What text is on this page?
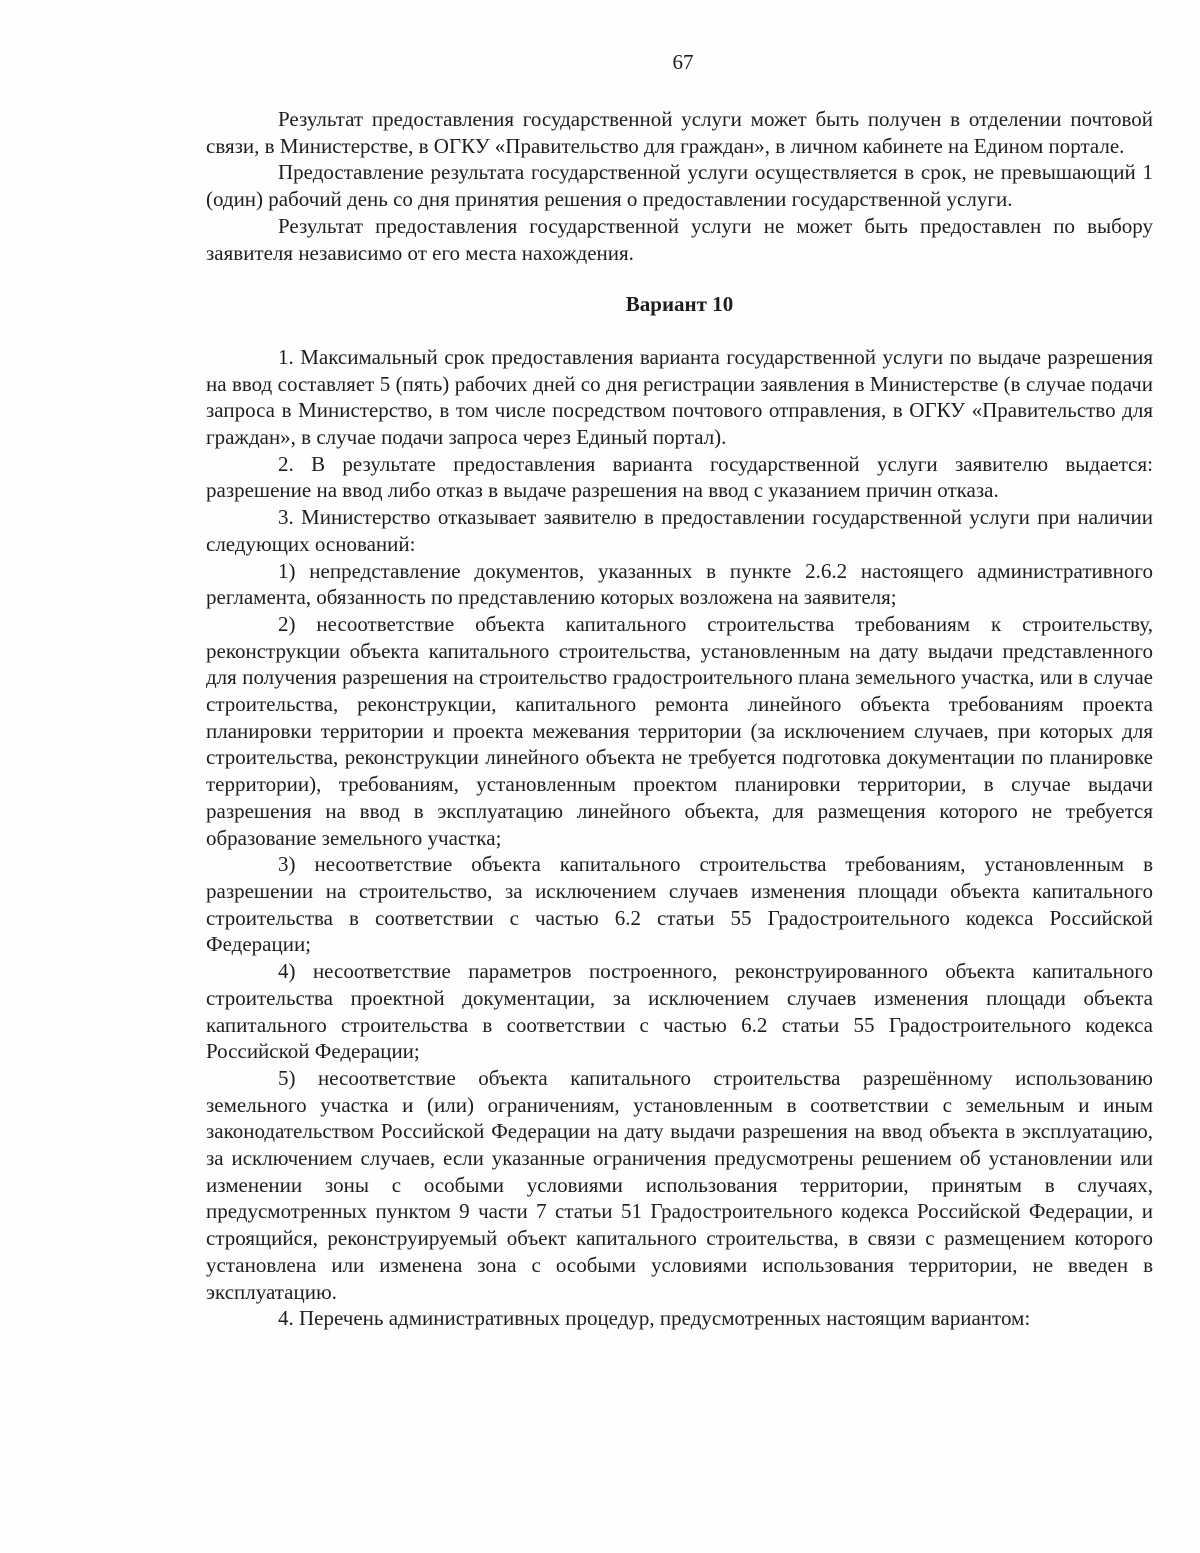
67

Результат предоставления государственной услуги может быть получен в отделении почтовой связи, в Министерстве, в ОГКУ «Правительство для граждан», в личном кабинете на Едином портале.

Предоставление результата государственной услуги осуществляется в срок, не превышающий 1 (один) рабочий день со дня принятия решения о предоставлении государственной услуги.

Результат предоставления государственной услуги не может быть предоставлен по выбору заявителя независимо от его места нахождения.

Вариант 10

1. Максимальный срок предоставления варианта государственной услуги по выдаче разрешения на ввод составляет 5 (пять) рабочих дней со дня регистрации заявления в Министерстве (в случае подачи запроса в Министерство, в том числе посредством почтового отправления, в ОГКУ «Правительство для граждан», в случае подачи запроса через Единый портал).

2. В результате предоставления варианта государственной услуги заявителю выдается: разрешение на ввод либо отказ в выдаче разрешения на ввод с указанием причин отказа.

3. Министерство отказывает заявителю в предоставлении государственной услуги при наличии следующих оснований:

1) непредставление документов, указанных в пункте 2.6.2 настоящего административного регламента, обязанность по представлению которых возложена на заявителя;

2) несоответствие объекта капитального строительства требованиям к строительству, реконструкции объекта капитального строительства, установленным на дату выдачи представленного для получения разрешения на строительство градостроительного плана земельного участка, или в случае строительства, реконструкции, капитального ремонта линейного объекта требованиям проекта планировки территории и проекта межевания территории (за исключением случаев, при которых для строительства, реконструкции линейного объекта не требуется подготовка документации по планировке территории), требованиям, установленным проектом планировки территории, в случае выдачи разрешения на ввод в эксплуатацию линейного объекта, для размещения которого не требуется образование земельного участка;

3) несоответствие объекта капитального строительства требованиям, установленным в разрешении на строительство, за исключением случаев изменения площади объекта капитального строительства в соответствии с частью 6.2 статьи 55 Градостроительного кодекса Российской Федерации;

4) несоответствие параметров построенного, реконструированного объекта капитального строительства проектной документации, за исключением случаев изменения площади объекта капитального строительства в соответствии с частью 6.2 статьи 55 Градостроительного кодекса Российской Федерации;

5) несоответствие объекта капитального строительства разрешённому использованию земельного участка и (или) ограничениям, установленным в соответствии с земельным и иным законодательством Российской Федерации на дату выдачи разрешения на ввод объекта в эксплуатацию, за исключением случаев, если указанные ограничения предусмотрены решением об установлении или изменении зоны с особыми условиями использования территории, принятым в случаях, предусмотренных пунктом 9 части 7 статьи 51 Градостроительного кодекса Российской Федерации, и строящийся, реконструируемый объект капитального строительства, в связи с размещением которого установлена или изменена зона с особыми условиями использования территории, не введен в эксплуатацию.

4. Перечень административных процедур, предусмотренных настоящим вариантом:
